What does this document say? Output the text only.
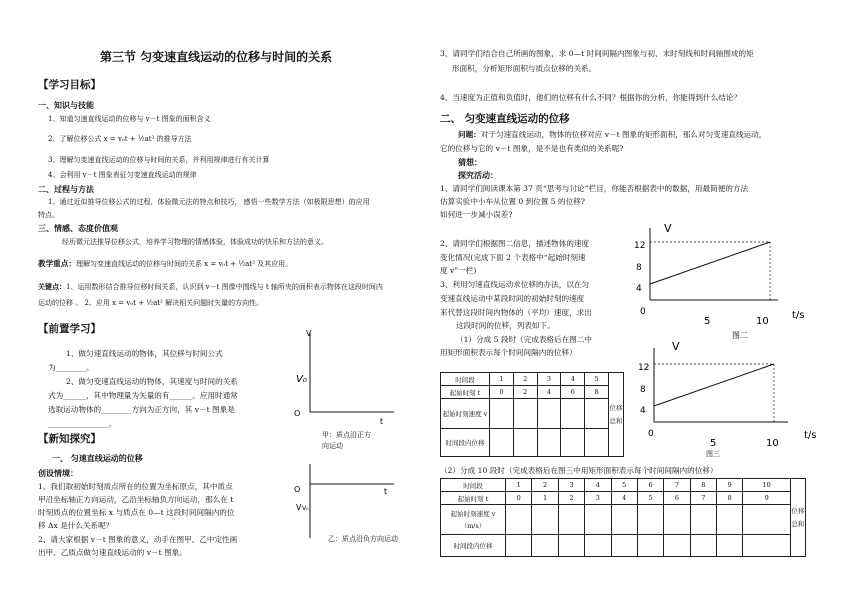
第三节 匀变速直线运动的位移与时间的关系
【学习目标】
一、知识与技能
1、知道匀速直线运动的位移与 v－t 图象的面积含义
2、了解位移公式 x = v₀t + ½at² 的推导方法
3、理解匀变速直线运动的位移与时间的关系，并利用规律进行有关计算
4、会利用 v－t 图象表征匀变速直线运动的规律
二、过程与方法
1、通过近似推导位移公式的过程，体验微元法的特点和技巧， 感悟一些数学方法（如极限思想）的应用
特点。
三、情感、态度价值观
经历微元法推导位移公式，培养学习物理的情感体验，体验成功的快乐和方法的意义。
教学重点：理解匀变速直线运动的位移与时间的关系 x = v₀t + ½at² 及其应用。
关键点：1、运用数形结合推导位移时间关系，认识到 v－t 图像中围线与 t 轴所夹的面积表示物体在这段时间内
运动的位移 。 2、应用 x = v₀t + ½at² 解决相关问题时矢量的方向性。
【前置学习】
1、做匀速直线运动的物体，其位移与时间公式
为________。
2、做匀变速直线运动的物体，其速度与时间的关系
式为______，其中物理量为矢量的有______。应用时通常
选取运动物体的________方向为正方向，其 v－t 图象是
________________。
【新知探究】
一、 匀速直线运动的位移
创设情境：
1、我们取初始时刻质点所在的位置为坐标原点，其中质点
甲沿坐标轴正方向运动，乙沿坐标轴负方向运动，那么在 t
时刻质点的位置坐标 x 与质点在 0—t 这段时间间隔内的位
移 Δx 是什么关系呢？
2、请大家根据 v－t 图象的意义，动手在图甲、乙中定性画
出甲、乙质点做匀速直线运动的 v－t 图象。
V
V₀
O
t
甲：质点沿正方
向运动
O	t
V V₀
乙：质点沿负方向运动
3、请同学们结合自己所画的图象，求 0—t 时间间隔内图象与初、末时刻线和时间轴围成的矩
形面积，分析矩形面积与质点位移的关系。
4、当速度为正值和负值时，他们的位移有什么不同？根据你的分析，你能得到什么结论？
二、 匀变速直线运动的位移
问题：对于匀速直线运动，物体的位移对应 v－t 图象的矩形面积，那么对匀变速直线运动，
它的位移与它的 v－t 图象，是不是也有类似的关系呢?
猜想：
探究活动：
1、请同学们阅读课本第 37 页“思考与讨论”栏目，你能否根据表中的数据，用最简便的方法
估算实验中小车从位置 0 到位置 5 的位移?
如何进一步减小误差?
2、请同学们根据图二信息，描述物体的速度
变化情况(完成下面 2 个表格中“起始时刻速
度 v”一栏)
3、利用匀速直线运动求位移的办法，以在匀
变速直线运动中某段时间的初始时刻的速度
来代替这段时间内物体的（平均）速度，求出
这段时间的位移，列表如下。
（1）分成 5 段时（完成表格后在图二中
用矩形面积表示每个时间间隔内的位移）
V
12
8
4
0
5	10
t/s
图二
时间段	1	2	3	4	5	位移总和
起始时刻 t	0	2	4	6	8	
起始时刻速度 v						
时间段内位移						
V
12
8
4
0
5	10
t/s
图三
（2）分成 10 段时（完成表格后在图三中用矩形面积表示每个时间间隔内的位移）
时间段	1	2	3	4	5	6	7	8	9	10	位移总和
起始时刻 t	0	1	2	3	4	5	6	7	8	9	
起始时刻速度 v（m/s）											
时间段内位移											
